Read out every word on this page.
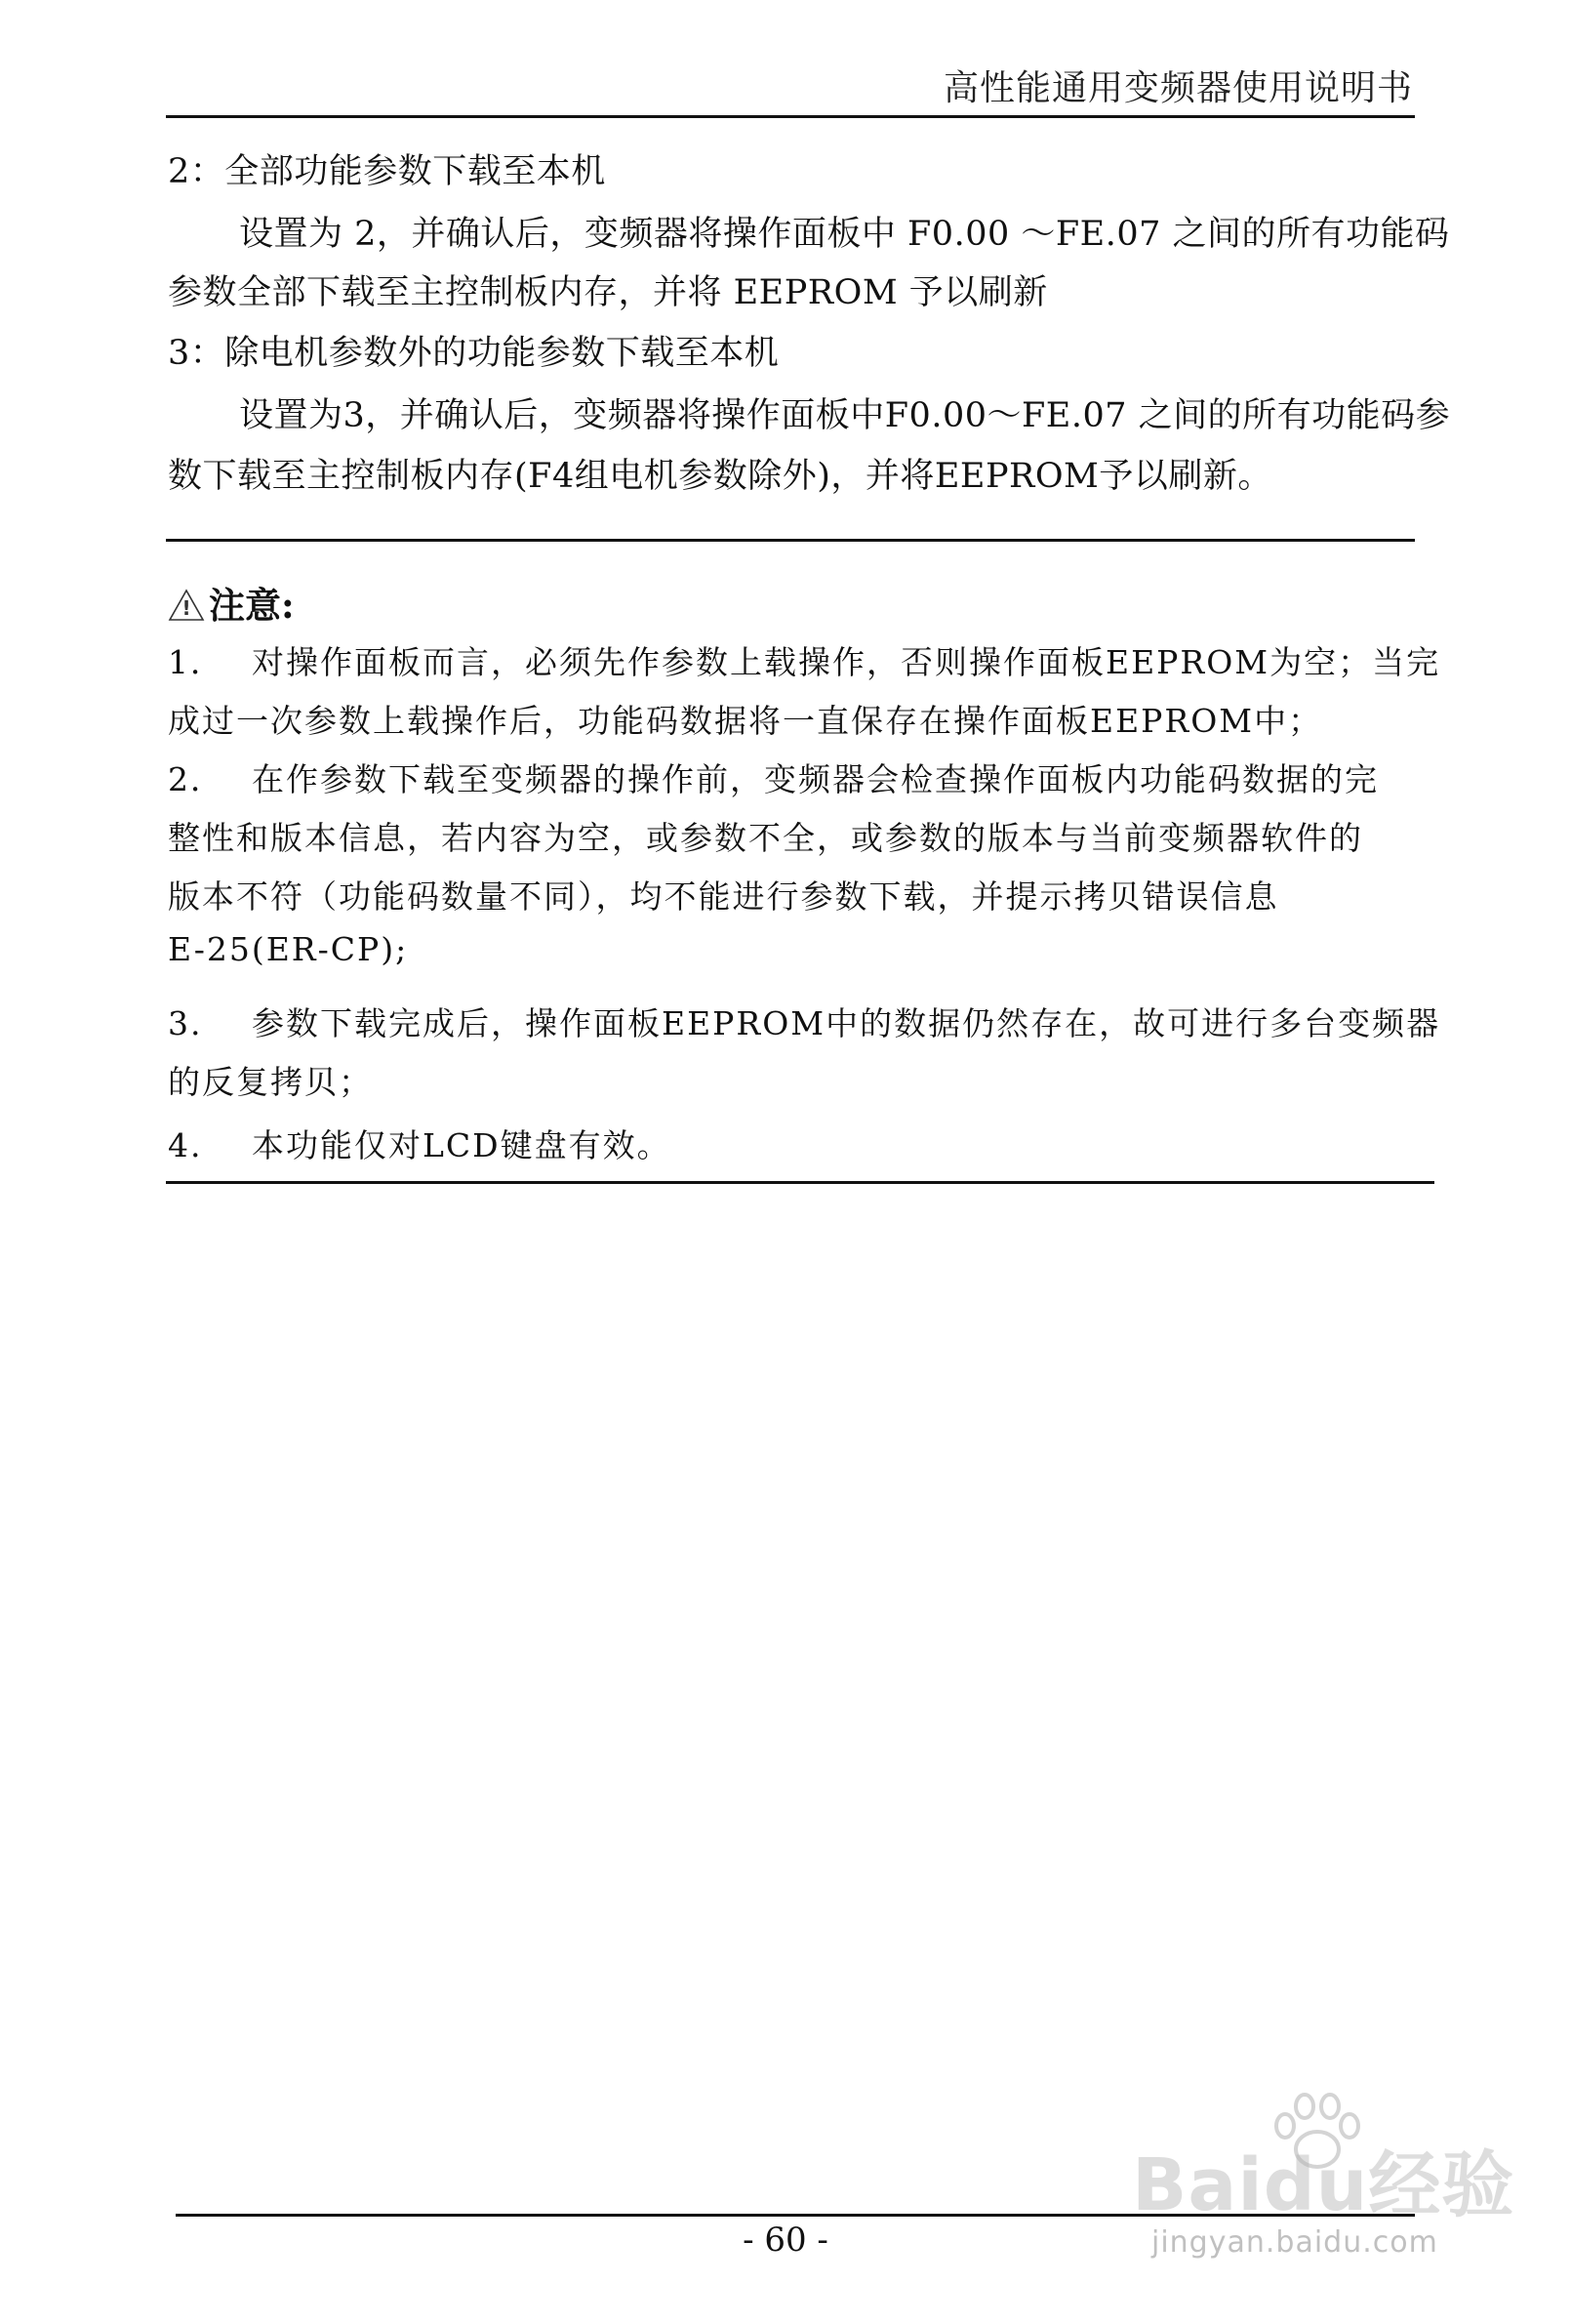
高性能通用变频器使用说明书
2：全部功能参数下载至本机
设置为 2，并确认后，变频器将操作面板中 F0.00 ～FE.07 之间的所有功能码
参数全部下载至主控制板内存，并将 EEPROM 予以刷新
3：除电机参数外的功能参数下载至本机
设置为3，并确认后，变频器将操作面板中F0.00～FE.07 之间的所有功能码参
数下载至主控制板内存(F4组电机参数除外)，并将EEPROM予以刷新。
! 注意:
1． 对操作面板而言，必须先作参数上载操作，否则操作面板EEPROM为空；当完
成过一次参数上载操作后，功能码数据将一直保存在操作面板EEPROM中；
2． 在作参数下载至变频器的操作前，变频器会检查操作面板内功能码数据的完
整性和版本信息，若内容为空，或参数不全，或参数的版本与当前变频器软件的
版本不符（功能码数量不同），均不能进行参数下载，并提示拷贝错误信息
E-25(ER-CP);
3. 参数下载完成后，操作面板EEPROM中的数据仍然存在，故可进行多台变频器
的反复拷贝；
4. 本功能仅对LCD键盘有效。
- 60 -
Baidu经验
jingyan.baidu.com
